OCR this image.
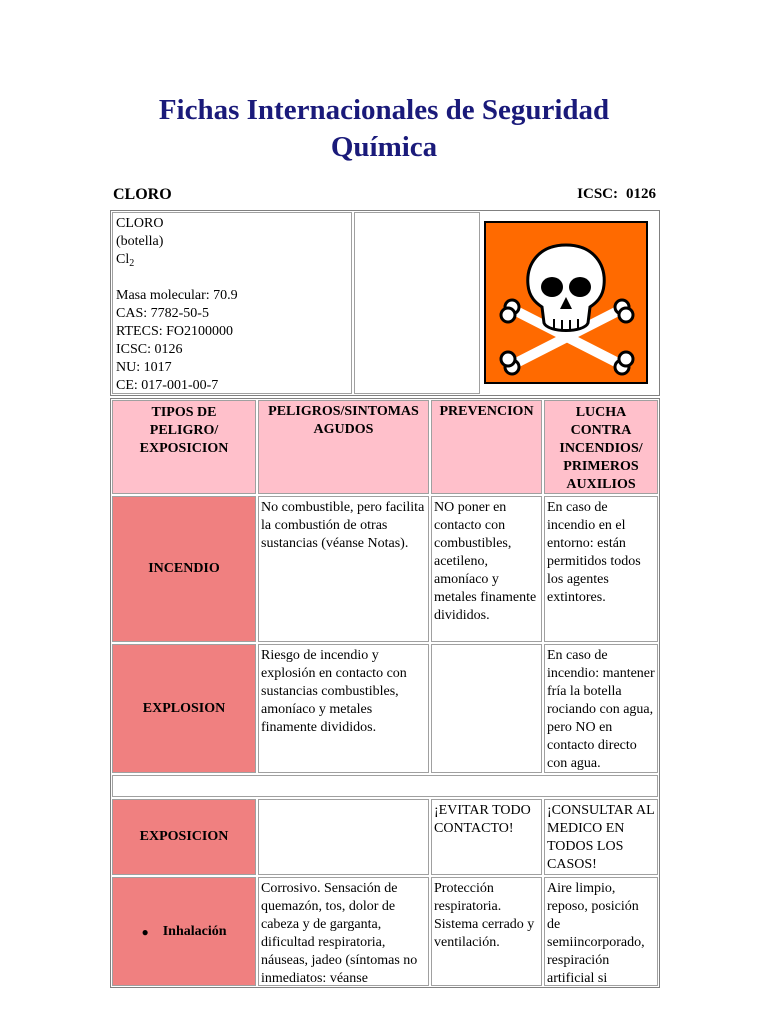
Fichas Internacionales de Seguridad
Química
CLORO	ICSC: 0126
CLORO
(botella)
$Cl_2$
Masa molecular: 70.9
CAS: 7782-50-5
RTECS: FO2100000
ICSC: 0126
NU: 1017
CE: 017-001-00-7
TIPOS DE PELIGRO/ EXPOSICION
PELIGROS/SINTOMAS AGUDOS
PREVENCION	LUCHA CONTRA INCENDIOS/ PRIMEROS AUXILIOS
INCENDIO
No combustible, pero facilita la combustión de otras sustancias (véanse Notas).
NO poner en contacto con combustibles, acetileno, amoníaco y metales finamente divididos.
En caso de incendio en el entorno: están permitidos todos los agentes extintores.
EXPLOSION
Riesgo de incendio y explosión en contacto con sustancias combustibles, amoníaco y metales finamente divididos.
En caso de incendio: mantener fría la botella rociando con agua, pero NO en contacto directo con agua.
EXPOSICION
¡EVITAR TODO CONTACTO!
¡CONSULTAR AL MEDICO EN TODOS LOS CASOS!
● Inhalación
Corrosivo. Sensación de quemazón, tos, dolor de cabeza y de garganta, dificultad respiratoria, náuseas, jadeo (síntomas no inmediatos: véanse
Protección respiratoria. Sistema cerrado y ventilación.
Aire limpio, reposo, posición de semiincorporado, respiración artificial si
